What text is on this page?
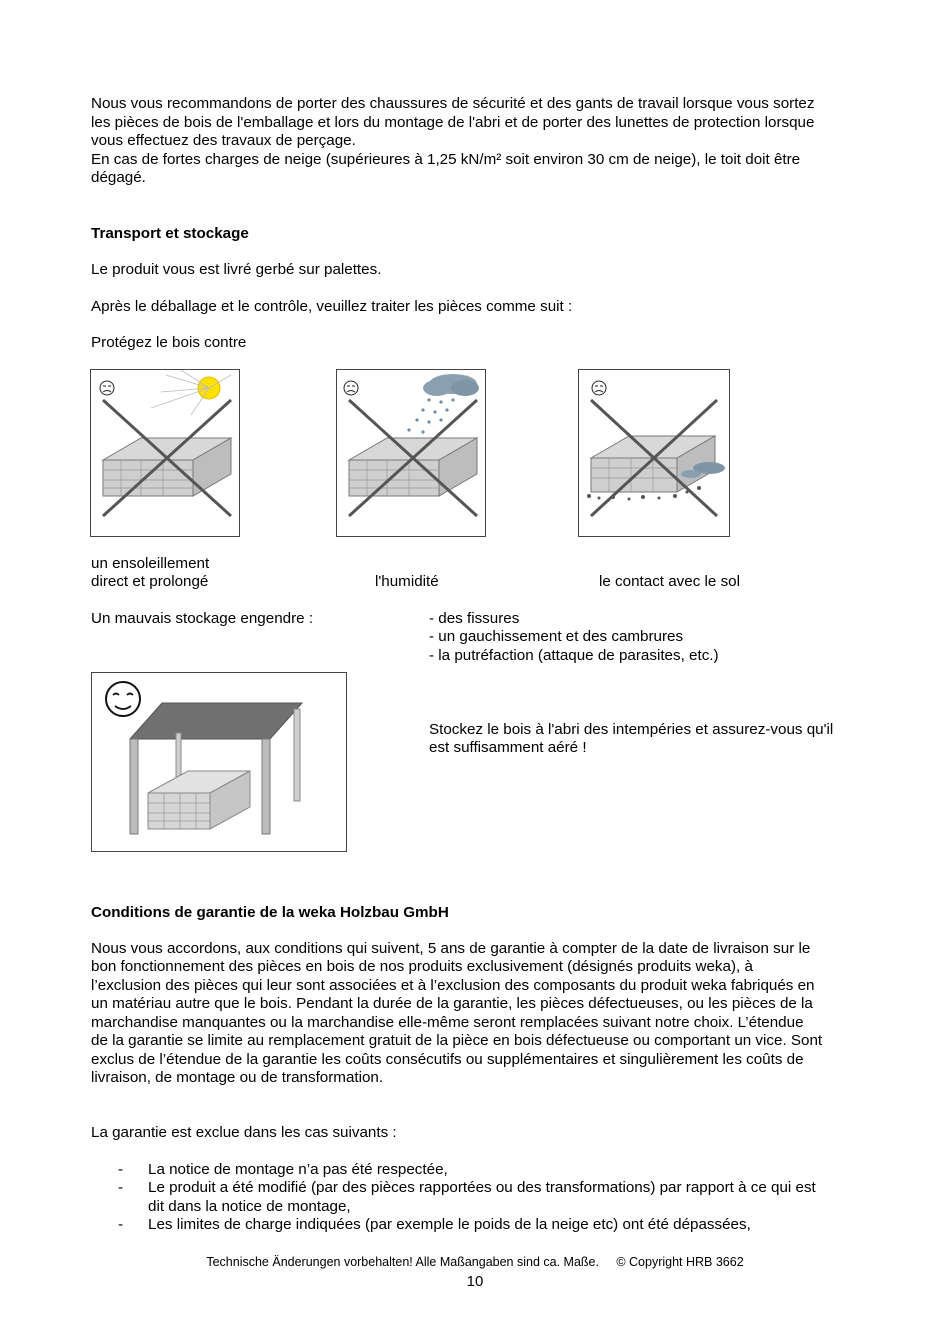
Nous vous recommandons de porter des chaussures de sécurité et des gants de travail lorsque vous sortez
les pièces de bois de l'emballage et lors du montage de l'abri et de porter des lunettes de protection lorsque
vous effectuez des travaux de perçage.
En cas de fortes charges de neige (supérieures à 1,25 kN/m² soit environ 30 cm de neige), le toit doit être
dégagé.
Transport et stockage
Le produit vous est livré gerbé sur palettes.
Après le déballage et le contrôle, veuillez traiter les pièces comme suit :
Protégez le bois contre
un ensoleillement
direct et prolongé	l'humidité	le contact avec le sol
Un mauvais stockage engendre :	- des fissures
- un gauchissement et des cambrures
- la putréfaction (attaque de parasites, etc.)
Stockez le bois à l'abri des intempéries et assurez-vous qu'il
est suffisamment aéré !
Conditions de garantie de la weka Holzbau GmbH
Nous vous accordons, aux conditions qui suivent, 5 ans de garantie à compter de la date de livraison sur le
bon fonctionnement des pièces en bois de nos produits exclusivement (désignés produits weka), à
l’exclusion des pièces qui leur sont associées et à l’exclusion des composants du produit weka fabriqués en
un matériau autre que le bois. Pendant la durée de la garantie, les pièces défectueuses, ou les pièces de la
marchandise manquantes ou la marchandise elle-même seront remplacées suivant notre choix. L’étendue
de la garantie se limite au remplacement gratuit de la pièce en bois défectueuse ou comportant un vice. Sont
exclus de l’étendue de la garantie les coûts consécutifs ou supplémentaires et singulièrement les coûts de
livraison, de montage ou de transformation.
La garantie est exclue dans les cas suivants :
- La notice de montage n’a pas été respectée,
- Le produit a été modifié (par des pièces rapportées ou des transformations) par rapport à ce qui est
dit dans la notice de montage,
- Les limites de charge indiquées (par exemple le poids de la neige etc) ont été dépassées,
Technische Änderungen vorbehalten! Alle Maßangaben sind ca. Maße. © Copyright HRB 3662
10
